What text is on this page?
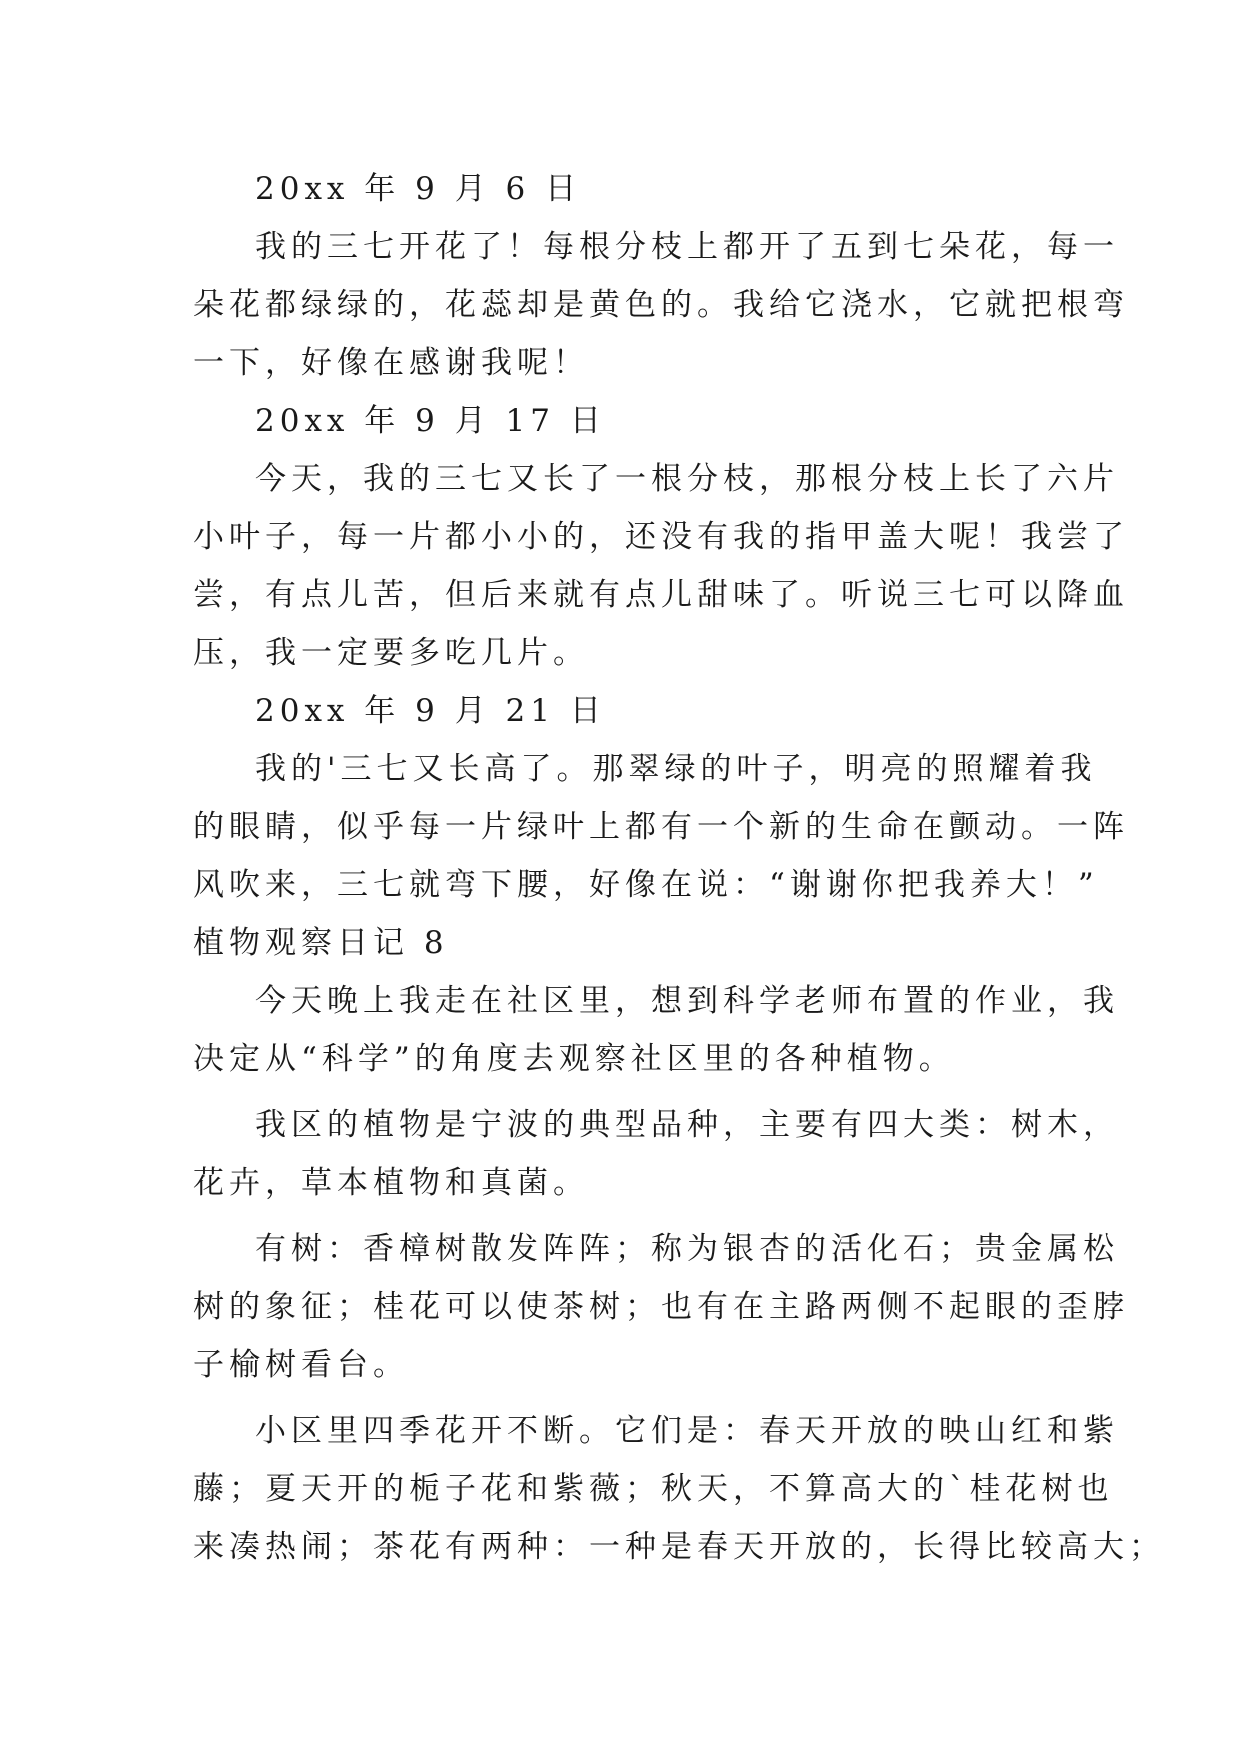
20xx 年 9 月 6 日
我的三七开花了！每根分枝上都开了五到七朵花，每一
朵花都绿绿的，花蕊却是黄色的。我给它浇水，它就把根弯
一下，好像在感谢我呢！
20xx 年 9 月 17 日
今天，我的三七又长了一根分枝，那根分枝上长了六片
小叶子，每一片都小小的，还没有我的指甲盖大呢！我尝了
尝，有点儿苦，但后来就有点儿甜味了。听说三七可以降血
压，我一定要多吃几片。
20xx 年 9 月 21 日
我的'三七又长高了。那翠绿的叶子，明亮的照耀着我
的眼睛，似乎每一片绿叶上都有一个新的生命在颤动。一阵
风吹来，三七就弯下腰，好像在说：“谢谢你把我养大！”
植物观察日记 8
今天晚上我走在社区里，想到科学老师布置的作业，我
决定从“科学”的角度去观察社区里的各种植物。
我区的植物是宁波的典型品种，主要有四大类：树木，
花卉，草本植物和真菌。
有树：香樟树散发阵阵；称为银杏的活化石；贵金属松
树的象征；桂花可以使茶树；也有在主路两侧不起眼的歪脖
子榆树看台。
小区里四季花开不断。它们是：春天开放的映山红和紫
藤；夏天开的栀子花和紫薇；秋天，不算高大的`桂花树也
来凑热闹；茶花有两种：一种是春天开放的，长得比较高大；
